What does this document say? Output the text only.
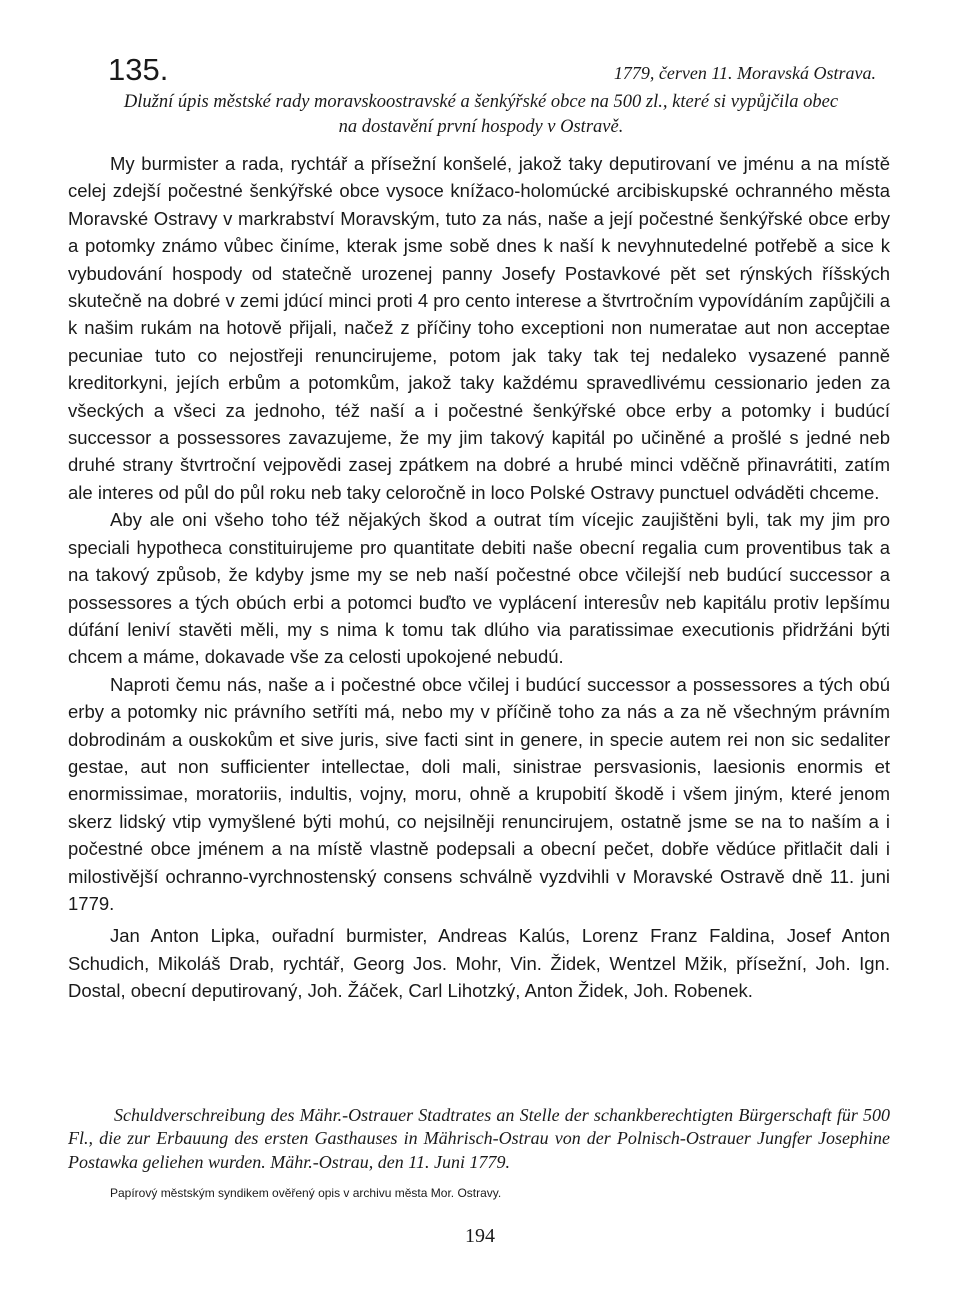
135.	1779, červen 11. Moravská Ostrava.

Dlužní úpis městské rady moravskoostravské a šenkýřské obce na 500 zl., které si vypůjčila obec na dostavění první hospody v Ostravě.

My burmister a rada, rychtář a přísežní konšelé, jakož taky deputirovaní ve jménu a na místě celej zdejší počestné šenkýřské obce vysoce knížaco-holomúcké arcibiskupské ochranného města Moravské Ostravy v markrabství Moravským, tuto za nás, naše a její počestné šenkýřské obce erby a potomky známo vůbec činíme, kterak jsme sobě dnes k naší k nevyhnutedelné potřebě a sice k vybudování hospody od statečně urozenej panny Josefy Postavkové pět set rýnských říšských skutečně na dobré v zemi jdúcí minci proti 4 pro cento interese a štvrtročním vypovídáním zapůjčili a k našim rukám na hotově přijali, načež z příčiny toho exceptioni non numeratae aut non acceptae pecuniae tuto co nejostřeji renuncirujeme, potom jak taky tak tej nedaleko vysazené panně kreditorkyni, jejích erbům a potomkům, jakož taky každému spravedlivému cessionario jeden za všeckých a všeci za jednoho, též naší a i počestné šenkýřské obce erby a potomky i budúcí successor a possessores zavazujeme, že my jim takový kapitál po učiněné a prošlé s jedné neb druhé strany štvrtroční vejpovědi zasej zpátkem na dobré a hrubé minci vděčně přinavrátiti, zatím ale interes od půl do půl roku neb taky celoročně in loco Polské Ostravy punctuel odváděti chceme.

Aby ale oni všeho toho též nějakých škod a outrat tím vícejic zaujištěni byli, tak my jim pro speciali hypotheca constituirujeme pro quantitate debiti naše obecní regalia cum proventibus tak a na takový způsob, že kdyby jsme my se neb naší počestné obce včilejší neb budúcí successor a possessores a tých obúch erbi a potomci buďto ve vyplácení interesův neb kapitálu protiv lepšímu dúfání leniví stavěti měli, my s nima k tomu tak dlúho via paratissimae executionis přidržáni býti chcem a máme, dokavade vše za celosti upokojené nebudú.

Naproti čemu nás, naše a i počestné obce včilej i budúcí successor a possessores a tých obú erby a potomky nic právního setříti má, nebo my v příčině toho za nás a za ně všechným právním dobrodinám a ouskokům et sive juris, sive facti sint in genere, in specie autem rei non sic sedaliter gestae, aut non sufficienter intellectae, doli mali, sinistrae persvasionis, laesionis enormis et enormissimae, moratoriis, indultis, vojny, moru, ohně a krupobití škodě i všem jiným, které jenom skerz lidský vtip vymyšlené býti mohú, co nejsilněji renuncirujem, ostatně jsme se na to naším a i počestné obce jménem a na místě vlastně podepsali a obecní pečet, dobře vědúce přitlačit dali i milostivější ochranno-vyrchnostenský consens schválně vyzdvihli v Moravské Ostravě dně 11. juni 1779.

Jan Anton Lipka, ouřadní burmister, Andreas Kalús, Lorenz Franz Faldina, Josef Anton Schudich, Mikoláš Drab, rychtář, Georg Jos. Mohr, Vin. Židek, Wentzel Mžik, přísežní, Joh. Ign. Dostal, obecní deputirovaný, Joh. Žáček, Carl Lihotzký, Anton Židek, Joh. Robenek.

Schuldverschreibung des Mähr.-Ostrauer Stadtrates an Stelle der schankberechtigten Bürgerschaft für 500 Fl., die zur Erbauung des ersten Gasthauses in Mährisch-Ostrau von der Polnisch-Ostrauer Jungfer Josephine Postawka geliehen wurden. Mähr.-Ostrau, den 11. Juni 1779.

Papírový městským syndikem ověřený opis v archivu města Mor. Ostravy.

194
